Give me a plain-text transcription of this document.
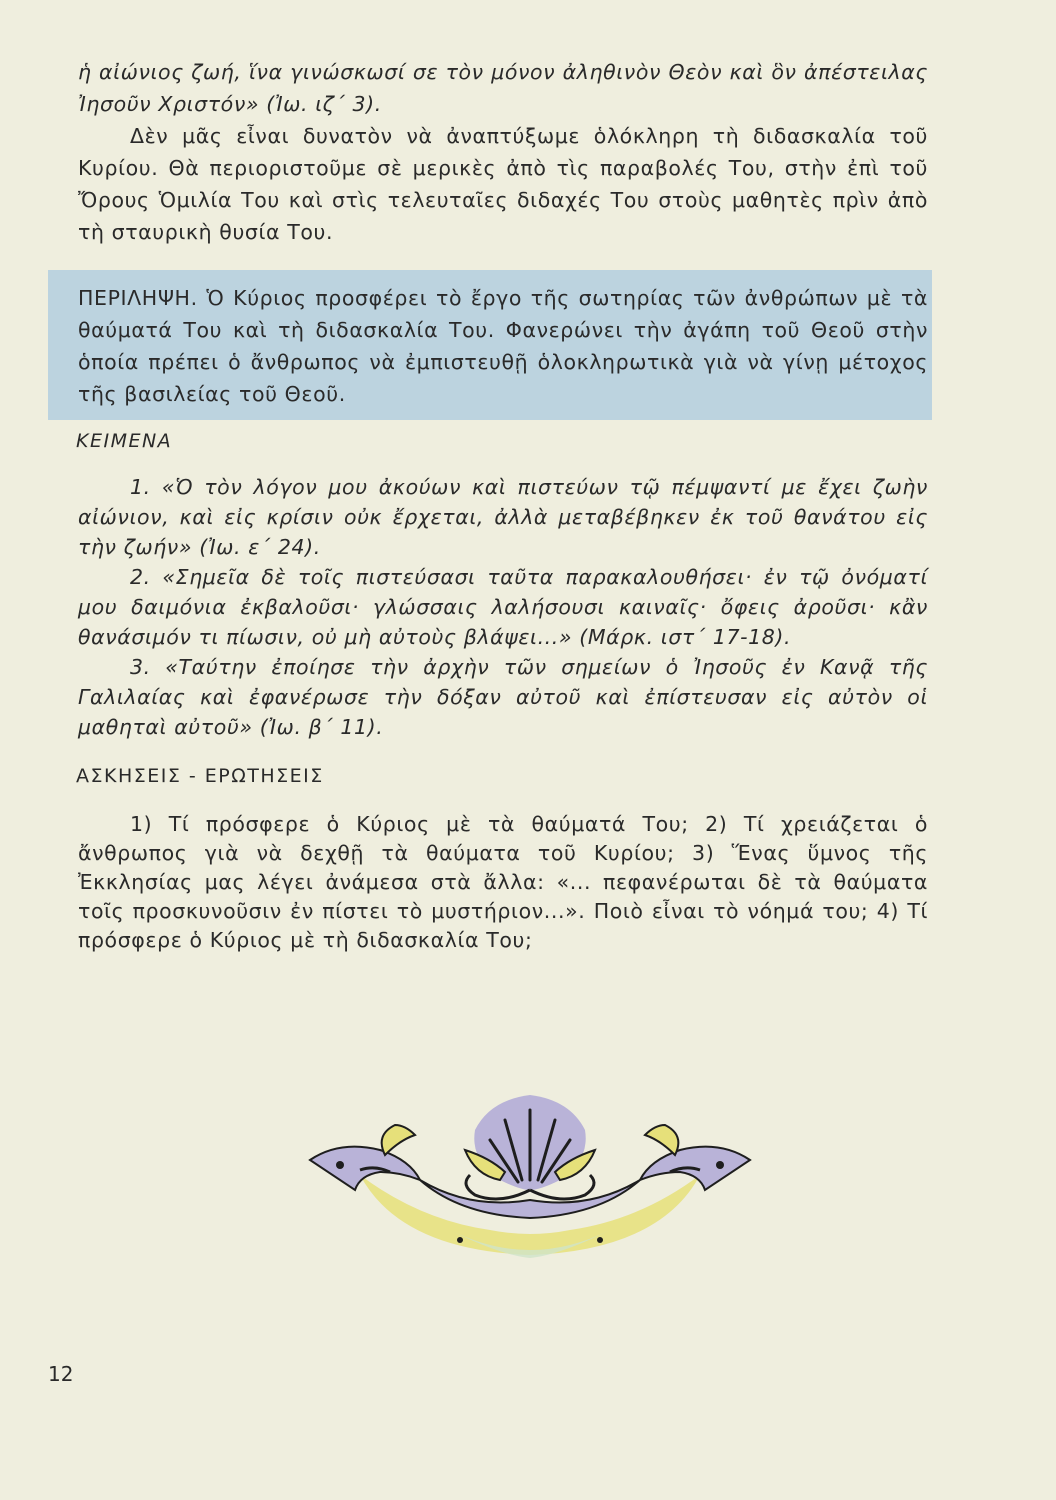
ἡ αἰώνιος ζωή, ἵνα γινώσκωσί σε τὸν μόνον ἀληθινὸν Θεὸν καὶ ὃν ἀπέστειλας Ἰησοῦν Χριστόν» (Ἰω. ιζ´ 3).

Δὲν μᾶς εἶναι δυνατὸν νὰ ἀναπτύξωμε ὁλόκληρη τὴ διδασκαλία τοῦ Κυρίου. Θὰ περιοριστοῦμε σὲ μερικὲς ἀπὸ τὶς παραβολές Του, στὴν ἐπὶ τοῦ Ὄρους Ὁμιλία Του καὶ στὶς τελευταῖες διδαχές Του στοὺς μαθητὲς πρὶν ἀπὸ τὴ σταυρικὴ θυσία Του.

ΠΕΡΙΛΗΨΗ. Ὁ Κύριος προσφέρει τὸ ἔργο τῆς σωτηρίας τῶν ἀνθρώπων μὲ τὰ θαύματά Του καὶ τὴ διδασκαλία Του. Φανερώνει τὴν ἀγάπη τοῦ Θεοῦ στὴν ὁποία πρέπει ὁ ἄνθρωπος νὰ ἐμπιστευθῇ ὁλοκληρωτικὰ γιὰ νὰ γίνῃ μέτοχος τῆς βασιλείας τοῦ Θεοῦ.

ΚΕΙΜΕΝΑ

1. «Ὁ τὸν λόγον μου ἀκούων καὶ πιστεύων τῷ πέμψαντί με ἔχει ζωὴν αἰώνιον, καὶ εἰς κρίσιν οὐκ ἔρχεται, ἀλλὰ μεταβέβηκεν ἐκ τοῦ θανάτου εἰς τὴν ζωήν» (Ἰω. ε´ 24).

2. «Σημεῖα δὲ τοῖς πιστεύσασι ταῦτα παρακαλουθήσει· ἐν τῷ ὀνόματί μου δαιμόνια ἐκβαλοῦσι· γλώσσαις λαλήσουσι καιναῖς· ὄφεις ἀροῦσι· κἂν θανάσιμόν τι πίωσιν, οὐ μὴ αὐτοὺς βλάψει...» (Μάρκ. ιστ´ 17-18).

3. «Ταύτην ἐποίησε τὴν ἀρχὴν τῶν σημείων ὁ Ἰησοῦς ἐν Κανᾷ τῆς Γαλιλαίας καὶ ἐφανέρωσε τὴν δόξαν αὐτοῦ καὶ ἐπίστευσαν εἰς αὐτὸν οἱ μαθηταὶ αὐτοῦ» (Ἰω. β´ 11).

ΑΣΚΗΣΕΙΣ - ΕΡΩΤΗΣΕΙΣ

1) Τί πρόσφερε ὁ Κύριος μὲ τὰ θαύματά Του; 2) Τί χρειάζεται ὁ ἄνθρωπος γιὰ νὰ δεχθῇ τὰ θαύματα τοῦ Κυρίου; 3) Ἕνας ὕμνος τῆς Ἐκκλησίας μας λέγει ἀνάμεσα στὰ ἄλλα: «... πεφανέρωται δὲ τὰ θαύματα τοῖς προσκυνοῦσιν ἐν πίστει τὸ μυστήριον...». Ποιὸ εἶναι τὸ νόημά του; 4) Τί πρόσφερε ὁ Κύριος μὲ τὴ διδασκαλία Του;

12
